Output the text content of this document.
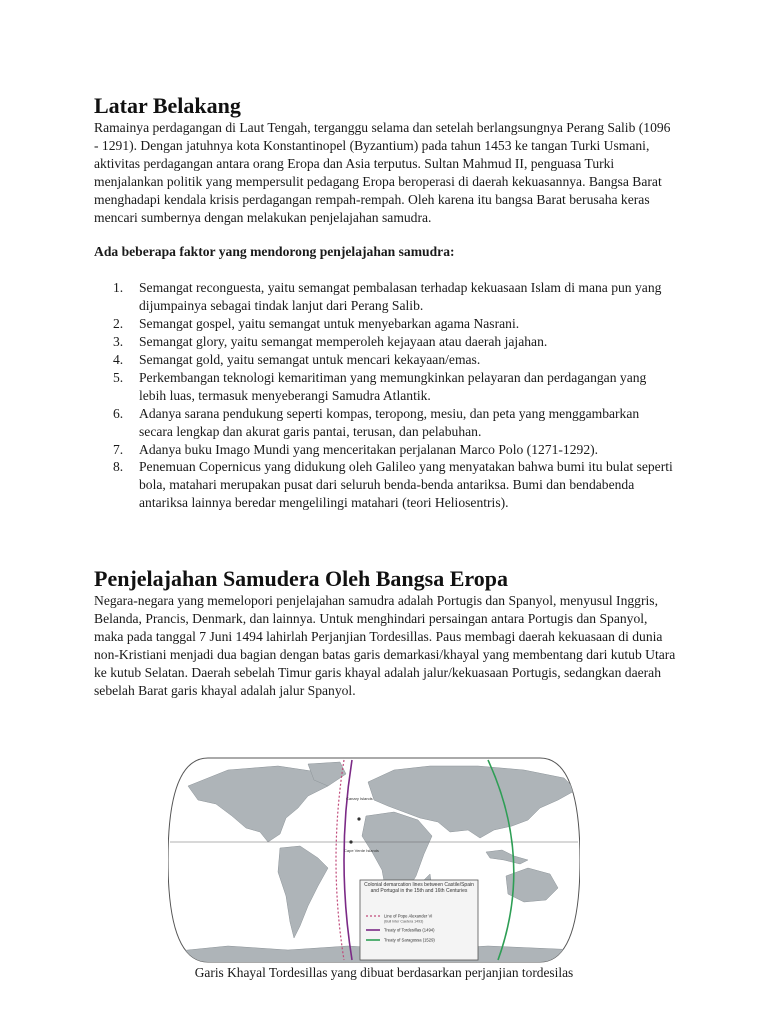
Latar Belakang

Ramainya perdagangan di Laut Tengah, terganggu selama dan setelah berlangsungnya Perang Salib (1096 - 1291). Dengan jatuhnya kota Konstantinopel (Byzantium) pada tahun 1453 ke tangan Turki Usmani, aktivitas perdagangan antara orang Eropa dan Asia terputus. Sultan Mahmud II, penguasa Turki menjalankan politik yang mempersulit pedagang Eropa beroperasi di daerah kekuasannya. Bangsa Barat menghadapi kendala krisis perdagangan rempah-rempah. Oleh karena itu bangsa Barat berusaha keras mencari sumbernya dengan melakukan penjelajahan samudra.

Ada beberapa faktor yang mendorong penjelajahan samudra:

1. Semangat reconguesta, yaitu semangat pembalasan terhadap kekuasaan Islam di mana pun yang dijumpainya sebagai tindak lanjut dari Perang Salib.
2. Semangat gospel, yaitu semangat untuk menyebarkan agama Nasrani.
3. Semangat glory, yaitu semangat memperoleh kejayaan atau daerah jajahan.
4. Semangat gold, yaitu semangat untuk mencari kekayaan/emas.
5. Perkembangan teknologi kemaritiman yang memungkinkan pelayaran dan perdagangan yang lebih luas, termasuk menyeberangi Samudra Atlantik.
6. Adanya sarana pendukung seperti kompas, teropong, mesiu, dan peta yang menggambarkan secara lengkap dan akurat garis pantai, terusan, dan pelabuhan.
7. Adanya buku Imago Mundi yang menceritakan perjalanan Marco Polo (1271-1292).
8. Penemuan Copernicus yang didukung oleh Galileo yang menyatakan bahwa bumi itu bulat seperti bola, matahari merupakan pusat dari seluruh benda-benda antariksa. Bumi dan bendabenda antariksa lainnya beredar mengelilingi matahari (teori Heliosentris).
Penjelajahan Samudera Oleh Bangsa Eropa

Negara-negara yang memelopori penjelajahan samudra adalah Portugis dan Spanyol, menyusul Inggris, Belanda, Prancis, Denmark, dan lainnya. Untuk menghindari persaingan antara Portugis dan Spanyol, maka pada tanggal 7 Juni 1494 lahirlah Perjanjian Tordesillas. Paus membagi daerah kekuasaan di dunia non-Kristiani menjadi dua bagian dengan batas garis demarkasi/khayal yang membentang dari kutub Utara ke kutub Selatan. Daerah sebelah Timur garis khayal adalah jalur/kekuasaan Portugis, sedangkan daerah sebelah Barat garis khayal adalah jalur Spanyol.

Canary Islands
Cape Verde Islands
Colonial demarcation lines between Castile/Spain and Portugal in the 15th and 16th Centuries
Line of Pope Alexander VI
(Bull Inter Caetera 1493)
Treaty of Tordesillas (1494)
Treaty of Saragossa (1529)
Garis Khayal Tordesillas yang dibuat berdasarkan perjanjian tordesilas
